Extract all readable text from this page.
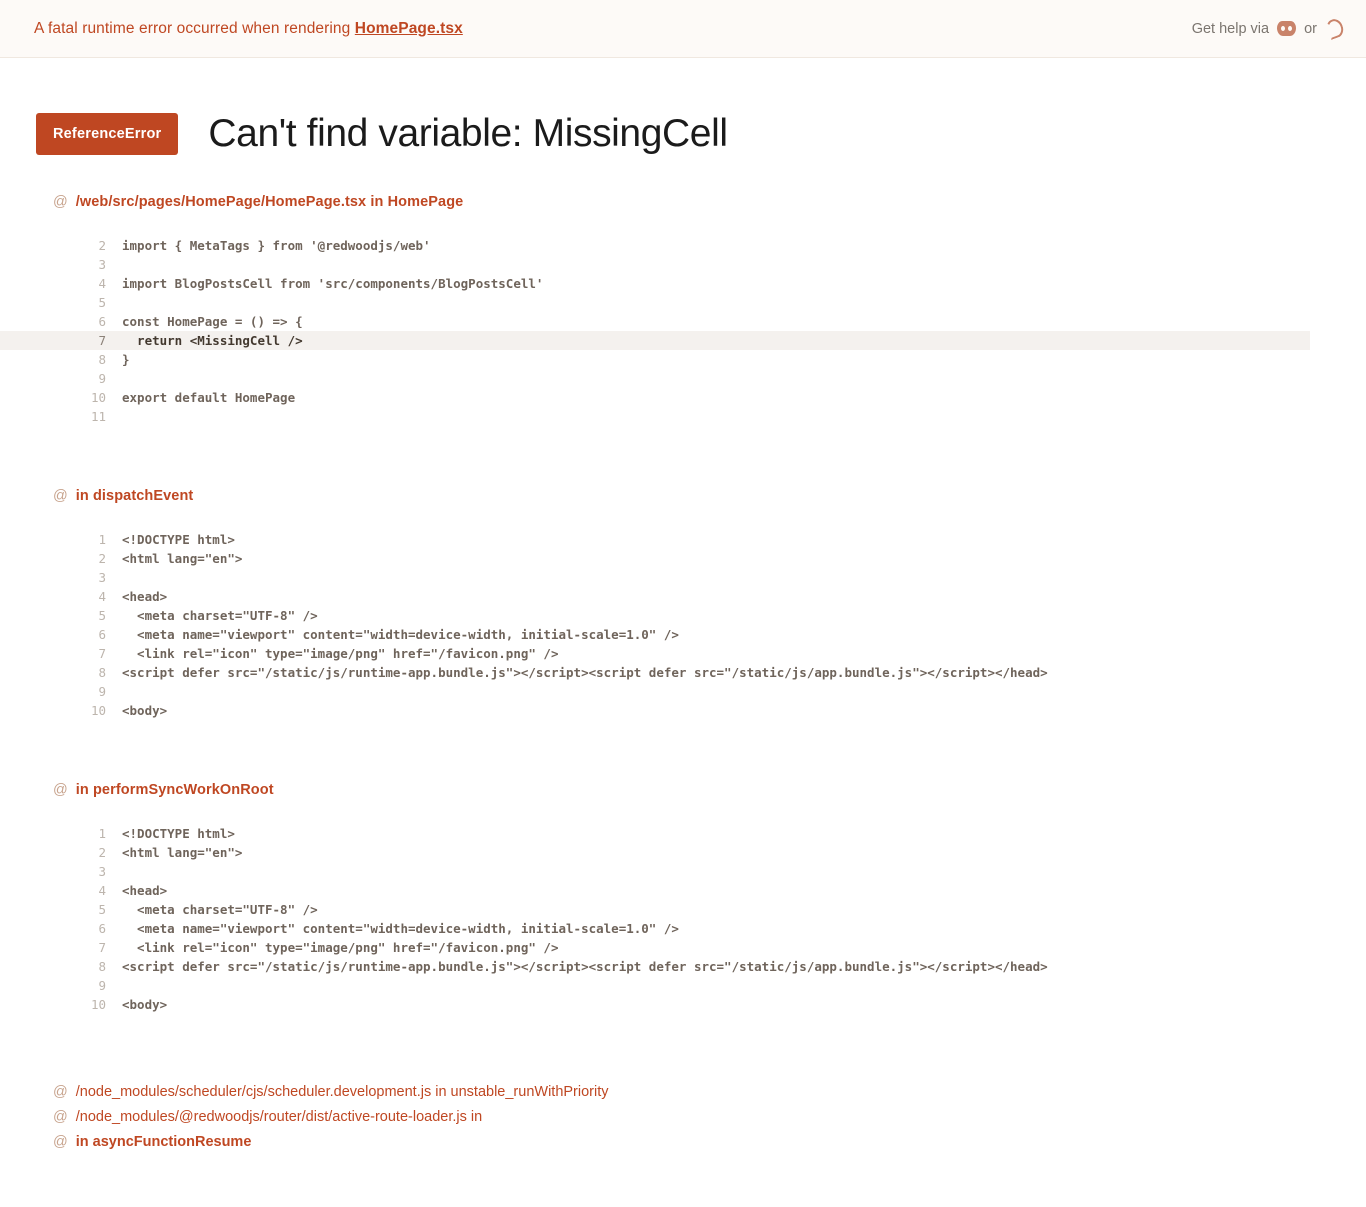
A fatal runtime error occurred when rendering HomePage.tsx	Get help via or
ReferenceError	Can't find variable: MissingCell
@ /web/src/pages/HomePage/HomePage.tsx in HomePage
2	import { MetaTags } from '@redwoodjs/web'
3
4	import BlogPostsCell from 'src/components/BlogPostsCell'
5
6	const HomePage = () => {
7	return <MissingCell />
8	}
9
10	export default HomePage
11
@ in dispatchEvent
1	<!DOCTYPE html>
2	<html lang="en">
3
4	<head>
5	<meta charset="UTF-8" />
6	<meta name="viewport" content="width=device-width, initial-scale=1.0" />
7	<link rel="icon" type="image/png" href="/favicon.png" />
8	<script defer src="/static/js/runtime-app.bundle.js"></script><script defer src="/static/js/app.bundle.js"></script></head>
9
10	<body>
@ in performSyncWorkOnRoot
1	<!DOCTYPE html>
2	<html lang="en">
3
4	<head>
5	<meta charset="UTF-8" />
6	<meta name="viewport" content="width=device-width, initial-scale=1.0" />
7	<link rel="icon" type="image/png" href="/favicon.png" />
8	<script defer src="/static/js/runtime-app.bundle.js"></script><script defer src="/static/js/app.bundle.js"></script></head>
9
10	<body>
@ /node_modules/scheduler/cjs/scheduler.development.js in unstable_runWithPriority
@ /node_modules/@redwoodjs/router/dist/active-route-loader.js in
@ in asyncFunctionResume
